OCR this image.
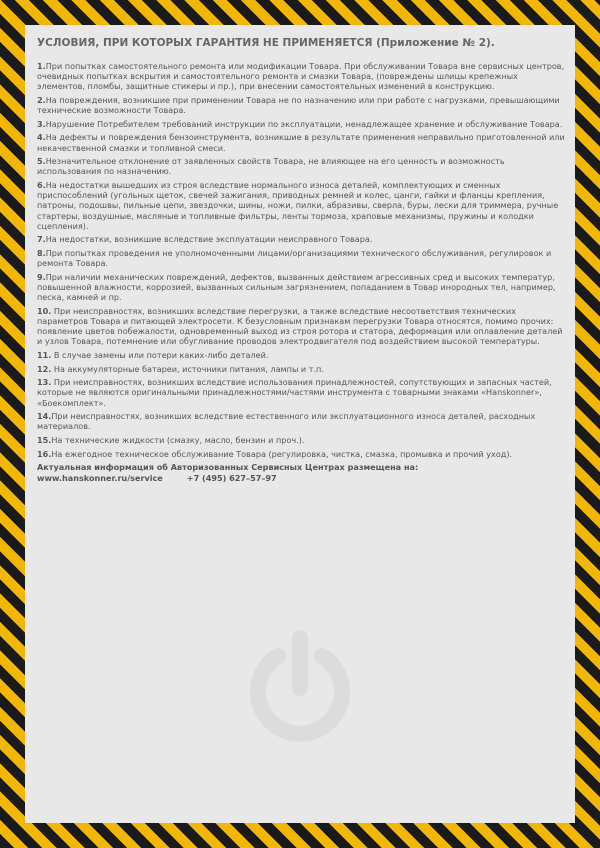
УСЛОВИЯ, ПРИ КОТОРЫХ ГАРАНТИЯ НЕ ПРИМЕНЯЕТСЯ (Приложение № 2).
1.При попытках самостоятельного ремонта или модификации Товара. При обслуживании Товара вне сервисных центров, очевидных попытках вскрытия и самостоятельного ремонта и смазки Товара, (повреждены шлицы крепежных элементов, пломбы, защитные стикеры и пр.), при внесении самостоятельных изменений в конструкцию.
2.На повреждения, возникшие при применении Товара не по назначению или при работе с нагрузками, превышающими технические возможности Товара.
3.Нарушение Потребителем требований инструкции по эксплуатации, ненадлежащее хранение и обслуживание Товара.
4.На дефекты и повреждения бензоинструмента, возникшие в результате применения неправильно приготовленной или некачественной смазки и топливной смеси.
5.Незначительное отклонение от заявленных свойств Товара, не влияющее на его ценность и возможность использования по назначению.
6.На недостатки вышедших из строя вследствие нормального износа деталей, комплектующих и сменных приспособлений (угольных щеток, свечей зажигания, приводных ремней и колес, цанги, гайки и фланцы крепления, патроны, подошвы, пильные цепи, звездочки, шины, ножи, пилки, абразивы, сверла, буры, лески для триммера, ручные стартеры, воздушные, масляные и топливные фильтры, ленты тормоза, храповые механизмы, пружины и колодки сцепления).
7.На недостатки, возникшие вследствие эксплуатации неисправного Товара.
8.При попытках проведения не уполномоченными лицами/организациями технического обслуживания, регулировок и ремонта Товара.
9.При наличии механических повреждений, дефектов, вызванных действием агрессивных сред и высоких температур, повышенной влажности, коррозией, вызванных сильным загрязнением, попаданием в Товар инородных тел, например, песка, камней и пр.
10. При неисправностях, возникших вследствие перегрузки, а также вследствие несоответствия технических параметров Товара и питающей электросети. К безусловным признакам перегрузки Товара относятся, помимо прочих: появление цветов побежалости, одновременный выход из строя ротора и статора, деформация или оплавление деталей и узлов Товара, потемнение или обугливание проводов электродвигателя под воздействием высокой температуры.
11. В случае замены или потери каких-либо деталей.
12. На аккумуляторные батареи, источники питания, лампы и т.п.
13. При неисправностях, возникших вследствие использования принадлежностей, сопутствующих и запасных частей, которые не являются оригинальными принадлежностями/частями инструмента с товарными знаками «Hanskonner», «Боекомплект».
14.При неисправностях, возникших вследствие естественного или эксплуатационного износа деталей, расходных материалов.
15.На технические жидкости (смазку, масло, бензин и проч.).
16.На ежегодное техническое обслуживание Товара (регулировка, чистка, смазка, промывка и прочий уход).
Актуальная информация об Авторизованных Сервисных Центрах размещена на:
www.hanskonner.ru/service	+7 (495) 627–57–97
